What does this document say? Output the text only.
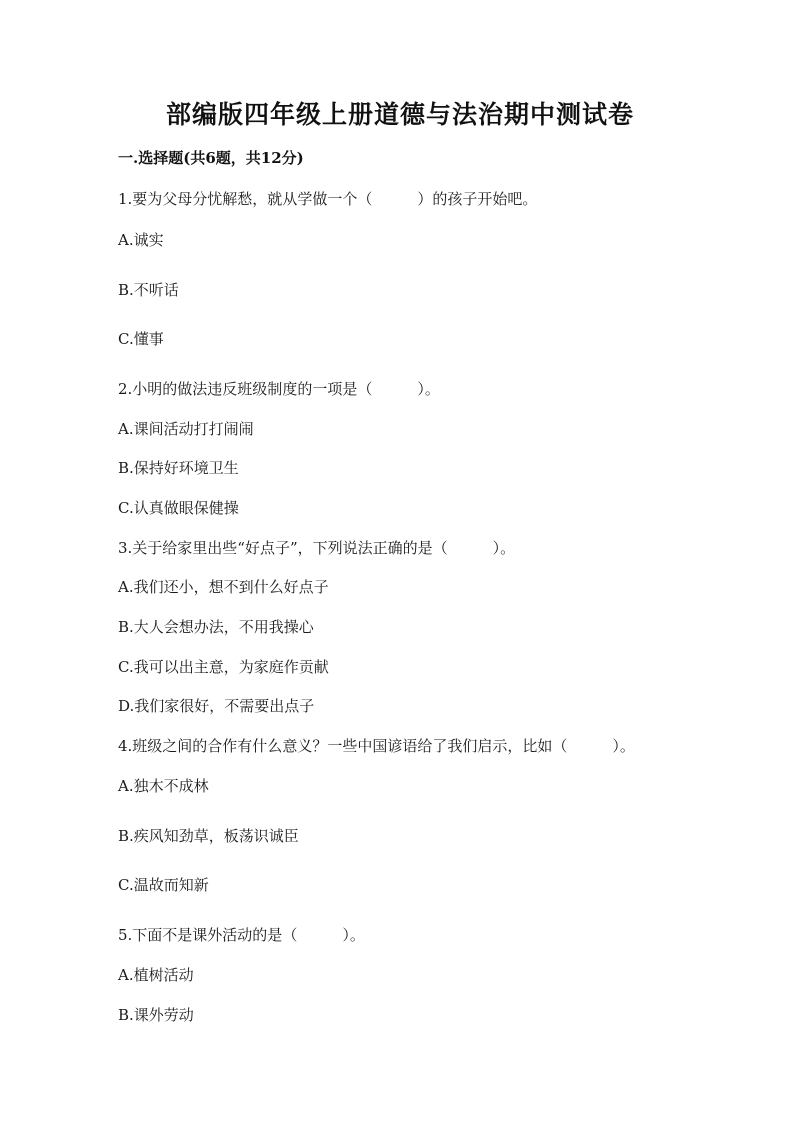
部编版四年级上册道德与法治期中测试卷
一.选择题(共6题，共12分)
1.要为父母分忧解愁，就从学做一个（　　　）的孩子开始吧。
A.诚实
B.不听话
C.懂事
2.小明的做法违反班级制度的一项是（　　　）。
A.课间活动打打闹闹
B.保持好环境卫生
C.认真做眼保健操
3.关于给家里出些“好点子”，下列说法正确的是（　　　）。
A.我们还小，想不到什么好点子
B.大人会想办法，不用我操心
C.我可以出主意，为家庭作贡献
D.我们家很好，不需要出点子
4.班级之间的合作有什么意义？一些中国谚语给了我们启示，比如（　　　）。
A.独木不成林
B.疾风知劲草，板荡识诚臣
C.温故而知新
5.下面不是课外活动的是（　　　）。
A.植树活动
B.课外劳动
